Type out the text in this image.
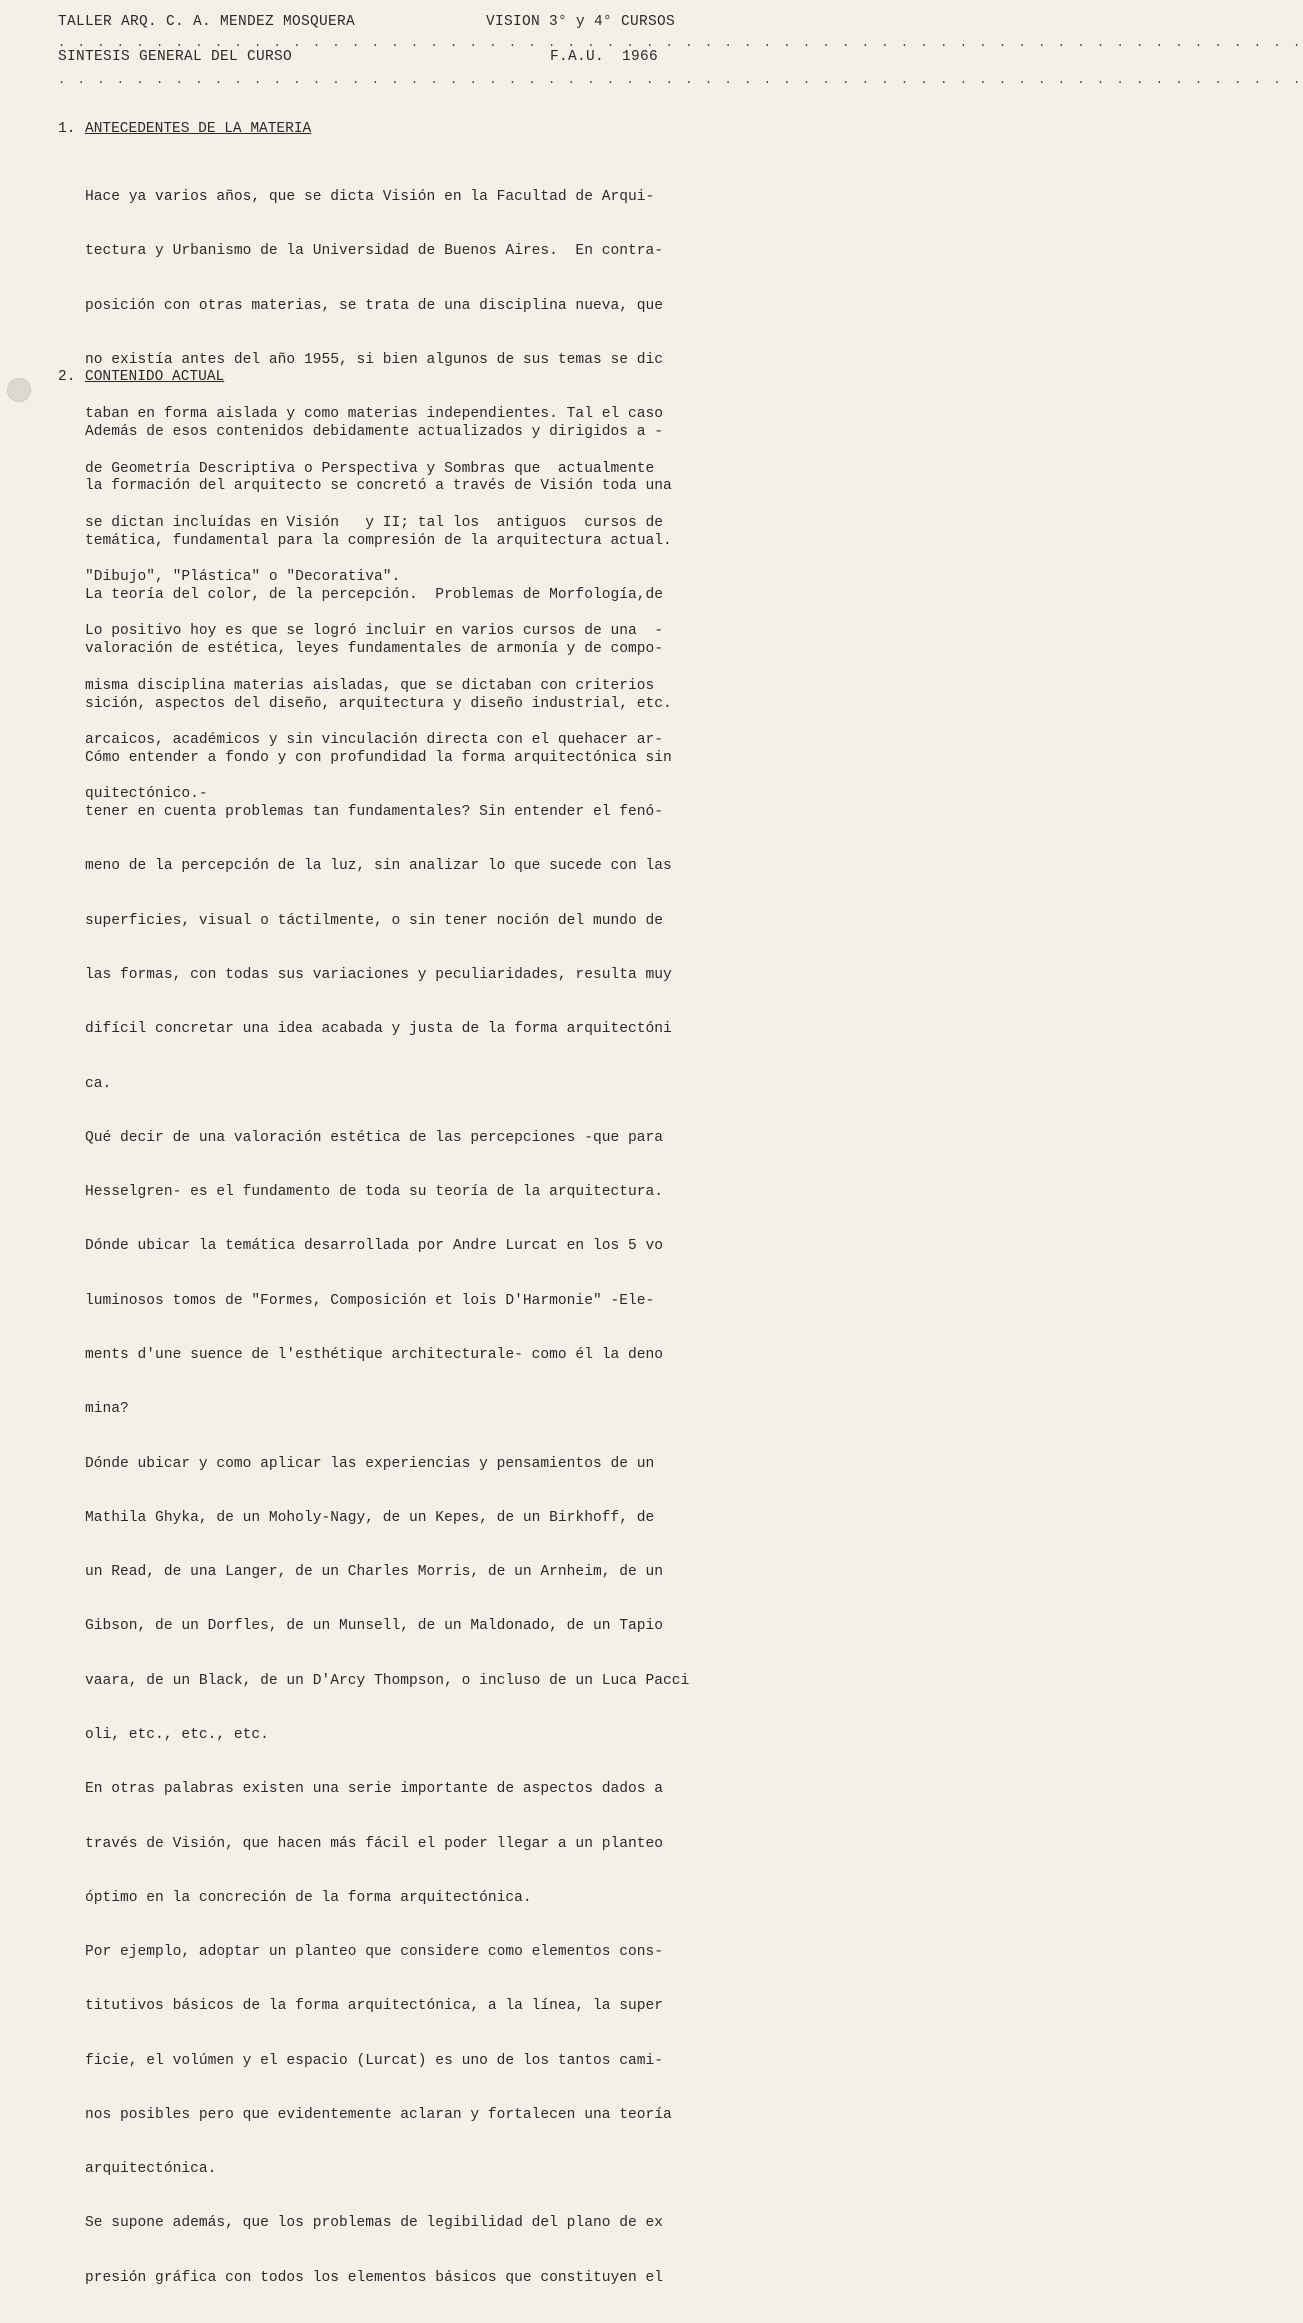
TALLER ARQ. C. A. MENDEZ MOSQUERA	VISION 3° y 4° CURSOS
SINTESIS GENERAL DEL CURSO	F.A.U.  1966
. . . . . . . . . . . . . . . . . . . . . . . . . . . . . . . . . . . . . . . . . . . . . . . . . . . . . . . . . . . . . . . .
. . . . . . . . . . . . . . . . . . . . . . . . . . . . . . . . . . . . . . . . . . . . . . . . . . . . . . . . . . . . . . . .
1. ANTECEDENTES DE LA MATERIA

Hace ya varios años, que se dicta Visión en la Facultad de Arqui-

tectura y Urbanismo de la Universidad de Buenos Aires.  En contra-

posición con otras materias, se trata de una disciplina nueva, que

no existía antes del año 1955, si bien algunos de sus temas se dic

taban en forma aislada y como materias independientes. Tal el caso

de Geometría Descriptiva o Perspectiva y Sombras que  actualmente

se dictan incluídas en Visión   y II; tal los  antiguos  cursos de

"Dibujo", "Plástica" o "Decorativa".

Lo positivo hoy es que se logró incluir en varios cursos de una  -

misma disciplina materias aisladas, que se dictaban con criterios

arcaicos, académicos y sin vinculación directa con el quehacer ar-

quitectónico.-

2. CONTENIDO ACTUAL

Además de esos contenidos debidamente actualizados y dirigidos a -

la formación del arquitecto se concretó a través de Visión toda una

temática, fundamental para la compresión de la arquitectura actual.

La teoría del color, de la percepción.  Problemas de Morfología,de

valoración de estética, leyes fundamentales de armonía y de compo-

sición, aspectos del diseño, arquitectura y diseño industrial, etc.

Cómo entender a fondo y con profundidad la forma arquitectónica sin

tener en cuenta problemas tan fundamentales? Sin entender el fenó-

meno de la percepción de la luz, sin analizar lo que sucede con las

superficies, visual o táctilmente, o sin tener noción del mundo de

las formas, con todas sus variaciones y peculiaridades, resulta muy

difícil concretar una idea acabada y justa de la forma arquitectóni

ca.

Qué decir de una valoración estética de las percepciones -que para

Hesselgren- es el fundamento de toda su teoría de la arquitectura.

Dónde ubicar la temática desarrollada por Andre Lurcat en los 5 vo

luminosos tomos de "Formes, Composición et lois D'Harmonie" -Ele-

ments d'une suence de l'esthétique architecturale- como él la deno

mina?

Dónde ubicar y como aplicar las experiencias y pensamientos de un

Mathila Ghyka, de un Moholy-Nagy, de un Kepes, de un Birkhoff, de

un Read, de una Langer, de un Charles Morris, de un Arnheim, de un

Gibson, de un Dorfles, de un Munsell, de un Maldonado, de un Tapio

vaara, de un Black, de un D'Arcy Thompson, o incluso de un Luca Pacci

oli, etc., etc., etc.

En otras palabras existen una serie importante de aspectos dados a

través de Visión, que hacen más fácil el poder llegar a un planteo

óptimo en la concreción de la forma arquitectónica.

Por ejemplo, adoptar un planteo que considere como elementos cons-

titutivos básicos de la forma arquitectónica, a la línea, la super

ficie, el volúmen y el espacio (Lurcat) es uno de los tantos cami-

nos posibles pero que evidentemente aclaran y fortalecen una teoría

arquitectónica.

Se supone además, que los problemas de legibilidad del plano de ex

presión gráfica con todos los elementos básicos que constituyen el
